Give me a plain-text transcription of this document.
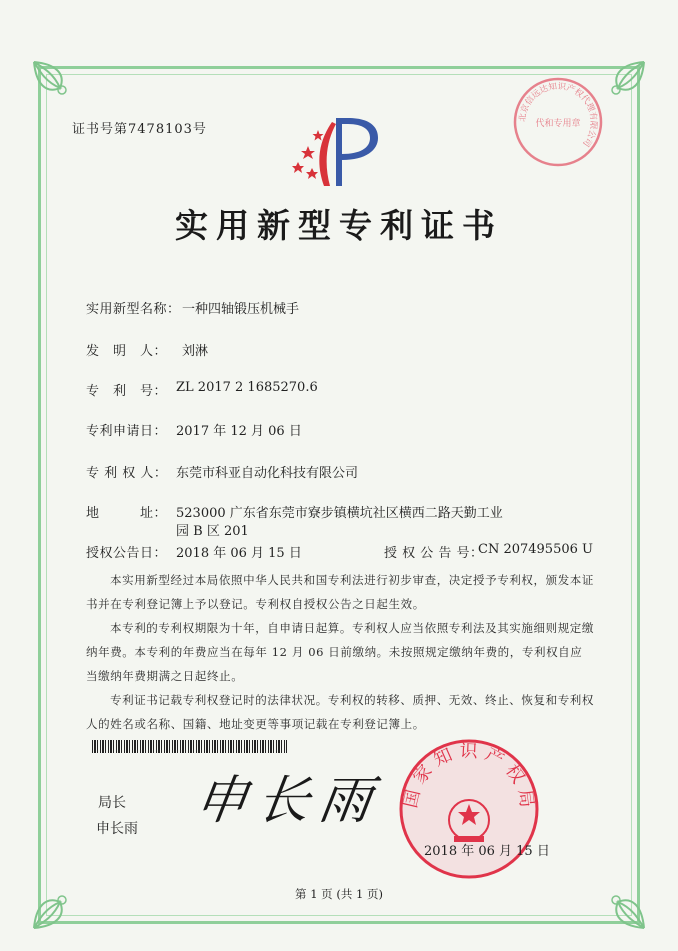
证书号第7478103号
北京信远达知识产权代理有限公司
代和专用章
实用新型专利证书
实用新型名称： 一种四轴锻压机械手
发　明　人： 刘淋
专　利　号： ZL 2017 2 1685270.6
专利申请日： 2017 年 12 月 06 日
专 利 权 人： 东莞市科亚自动化科技有限公司
地　　　址： 523000 广东省东莞市寮步镇横坑社区横西二路天勤工业
园 B 区 201
授权公告日： 2018 年 06 月 15 日	授 权 公 告 号：
CN 207495506 U
本实用新型经过本局依照中华人民共和国专利法进行初步审查，决定授予专利权，颁发本证书并在专利登记簿上予以登记。专利权自授权公告之日起生效。
本专利的专利权期限为十年，自申请日起算。专利权人应当依照专利法及其实施细则规定缴纳年费。本专利的年费应当在每年 12 月 06 日前缴纳。未按照规定缴纳年费的，专利权自应当缴纳年费期满之日起终止。
专利证书记载专利权登记时的法律状况。专利权的转移、质押、无效、终止、恢复和专利权人的姓名或名称、国籍、地址变更等事项记载在专利登记簿上。
局长
申长雨 申长雨 国家知识产权局
2018 年 06 月 15 日
第 1 页 (共 1 页)
